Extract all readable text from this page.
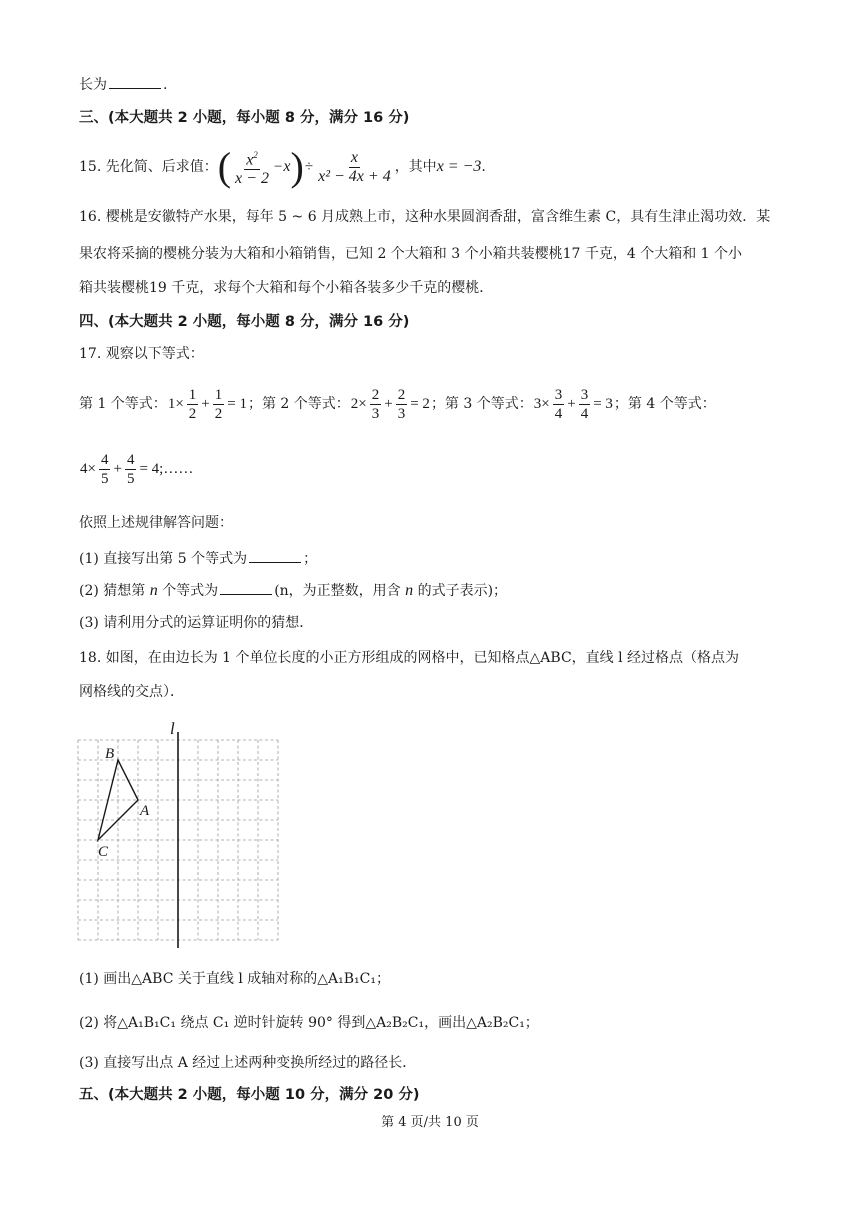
长为	.
三、(本大题共 2 小题，每小题 8 分，满分 16 分)
15. 先化简、后求值： ( $\frac{x^2}{x - 2} - x$ ) ÷ $\frac{x}{\text{x² − 4x + 4}}$ ，其中 x = −3 .
16. 樱桃是安徽特产水果，每年 5 ~ 6 月成熟上市，这种水果圆润香甜，富含维生素 C，具有生津止渴功效．某
果农将采摘的樱桃分装为大箱和小箱销售，已知 2 个大箱和 3 个小箱共装樱桃17 千克，4 个大箱和 1 个小
箱共装樱桃19 千克，求每个大箱和每个小箱各装多少千克的樱桃．
四、(本大题共 2 小题，每小题 8 分，满分 16 分)
17. 观察以下等式：
第 1 个等式： $1\times \frac{1}{2} + \frac{1}{2} = 1$ ；第 2 个等式： $2\times \frac{2}{3} + \frac{2}{3} = 2$ ；第 3 个等式： $3\times \frac{3}{4} + \frac{3}{4} = 3$ ；第 4 个等式：
$4\times \frac{4}{5} + \frac{4}{5}$ = 4;……
依照上述规律解答问题：
(1) 直接写出第 5 个等式为	；
(2) 猜想第 n 个等式为	(n，为正整数，用含 n 的式子表示)；
(3) 请利用分式的运算证明你的猜想．
18. 如图，在由边长为 1 个单位长度的小正方形组成的网格中，已知格点△ABC，直线 l 经过格点（格点为
网格线的交点）．
l
B
A
C
(1) 画出△ABC 关于直线 l 成轴对称的△A₁B₁C₁；
(2) 将△A₁B₁C₁ 绕点 C₁ 逆时针旋转 90° 得到△A₂B₂C₁，画出△A₂B₂C₁；
(3) 直接写出点 A 经过上述两种变换所经过的路径长．
五、(本大题共 2 小题，每小题 10 分，满分 20 分)
第 4 页/共 10 页
